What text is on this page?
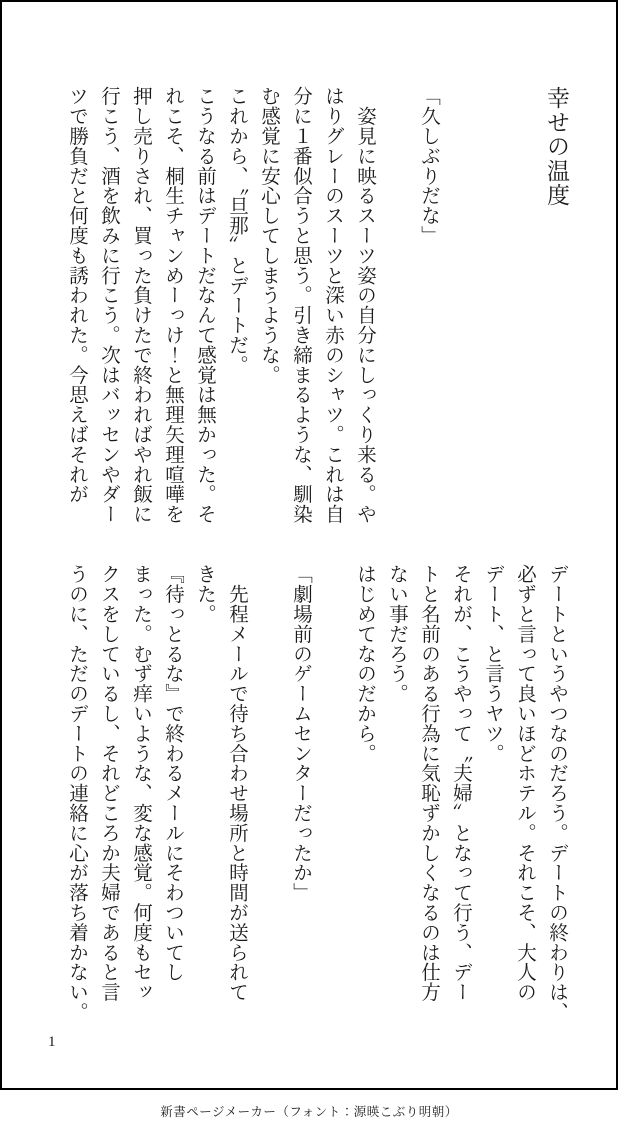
幸せの温度
「久しぶりだな」
　姿見に映るスーツ姿の自分にしっくり来る。や
はりグレーのスーツと深い赤のシャツ。これは自
分に１番似合うと思う。引き締まるような、馴染
む感覚に安心してしまうような。
これから、〝旦那〟とデートだ。
こうなる前はデートだなんて感覚は無かった。そ
れこそ、桐生チャンめーっけ！と無理矢理喧嘩を
押し売りされ、買った負けたで終わればやれ飯に
行こう、酒を飲みに行こう。次はバッセンやダー
ツで勝負だと何度も誘われた。今思えばそれが
デートというやつなのだろう。デートの終わりは、
必ずと言って良いほどホテル。それこそ、大人の
デート、と言うヤツ。
それが、こうやって〝夫婦〟となって行う、デー
トと名前のある行為に気恥ずかしくなるのは仕方
ない事だろう。
はじめてなのだから。
「劇場前のゲームセンターだったか」
　先程メールで待ち合わせ場所と時間が送られて
きた。
『待っとるな』で終わるメールにそわついてし
まった。むず痒いような、変な感覚。何度もセッ
クスをしているし、それどころか夫婦であると言
うのに、ただのデートの連絡に心が落ち着かない。
1
新書ページメーカー（フォント：源暎こぶり明朝）
